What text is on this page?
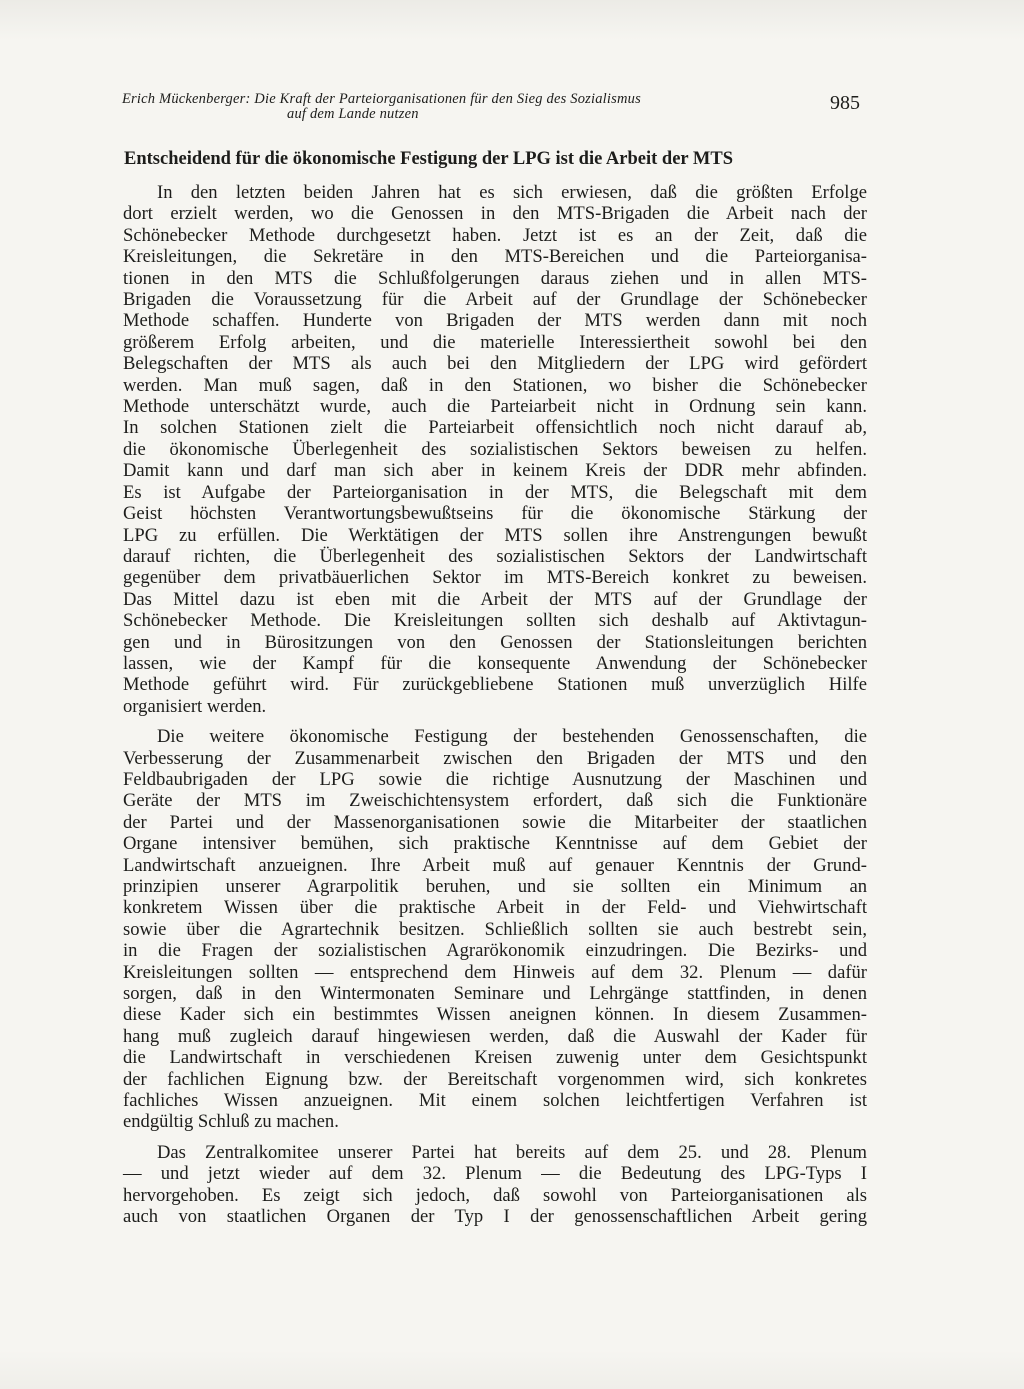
Erich Mückenberger: Die Kraft der Parteiorganisationen für den Sieg des Sozialismus
auf dem Lande nutzen	985
Entscheidend für die ökonomische Festigung der LPG ist die Arbeit der MTS

In den letzten beiden Jahren hat es sich erwiesen, daß die größten Erfolge
dort erzielt werden, wo die Genossen in den MTS-Brigaden die Arbeit nach der
Schönebecker Methode durchgesetzt haben. Jetzt ist es an der Zeit, daß die
Kreisleitungen, die Sekretäre in den MTS-Bereichen und die Parteiorganisa-
tionen in den MTS die Schlußfolgerungen daraus ziehen und in allen MTS-
Brigaden die Voraussetzung für die Arbeit auf der Grundlage der Schönebecker
Methode schaffen. Hunderte von Brigaden der MTS werden dann mit noch
größerem Erfolg arbeiten, und die materielle Interessiertheit sowohl bei den
Belegschaften der MTS als auch bei den Mitgliedern der LPG wird gefördert
werden. Man muß sagen, daß in den Stationen, wo bisher die Schönebecker
Methode unterschätzt wurde, auch die Parteiarbeit nicht in Ordnung sein kann.
In solchen Stationen zielt die Parteiarbeit offensichtlich noch nicht darauf ab,
die ökonomische Überlegenheit des sozialistischen Sektors beweisen zu helfen.
Damit kann und darf man sich aber in keinem Kreis der DDR mehr abfinden.
Es ist Aufgabe der Parteiorganisation in der MTS, die Belegschaft mit dem
Geist höchsten Verantwortungsbewußtseins für die ökonomische Stärkung der
LPG zu erfüllen. Die Werktätigen der MTS sollen ihre Anstrengungen bewußt
darauf richten, die Überlegenheit des sozialistischen Sektors der Landwirtschaft
gegenüber dem privatbäuerlichen Sektor im MTS-Bereich konkret zu beweisen.
Das Mittel dazu ist eben mit die Arbeit der MTS auf der Grundlage der
Schönebecker Methode. Die Kreisleitungen sollten sich deshalb auf Aktivtagun-
gen und in Bürositzungen von den Genossen der Stationsleitungen berichten
lassen, wie der Kampf für die konsequente Anwendung der Schönebecker
Methode geführt wird. Für zurückgebliebene Stationen muß unverzüglich Hilfe
organisiert werden.

Die weitere ökonomische Festigung der bestehenden Genossenschaften, die
Verbesserung der Zusammenarbeit zwischen den Brigaden der MTS und den
Feldbaubrigaden der LPG sowie die richtige Ausnutzung der Maschinen und
Geräte der MTS im Zweischichtensystem erfordert, daß sich die Funktionäre
der Partei und der Massenorganisationen sowie die Mitarbeiter der staatlichen
Organe intensiver bemühen, sich praktische Kenntnisse auf dem Gebiet der
Landwirtschaft anzueignen. Ihre Arbeit muß auf genauer Kenntnis der Grund-
prinzipien unserer Agrarpolitik beruhen, und sie sollten ein Minimum an
konkretem Wissen über die praktische Arbeit in der Feld- und Viehwirtschaft
sowie über die Agrartechnik besitzen. Schließlich sollten sie auch bestrebt sein,
in die Fragen der sozialistischen Agrarökonomik einzudringen. Die Bezirks- und
Kreisleitungen sollten — entsprechend dem Hinweis auf dem 32. Plenum — dafür
sorgen, daß in den Wintermonaten Seminare und Lehrgänge stattfinden, in denen
diese Kader sich ein bestimmtes Wissen aneignen können. In diesem Zusammen-
hang muß zugleich darauf hingewiesen werden, daß die Auswahl der Kader für
die Landwirtschaft in verschiedenen Kreisen zuwenig unter dem Gesichtspunkt
der fachlichen Eignung bzw. der Bereitschaft vorgenommen wird, sich konkretes
fachliches Wissen anzueignen. Mit einem solchen leichtfertigen Verfahren ist
endgültig Schluß zu machen.

Das Zentralkomitee unserer Partei hat bereits auf dem 25. und 28. Plenum
— und jetzt wieder auf dem 32. Plenum — die Bedeutung des LPG-Typs I
hervorgehoben. Es zeigt sich jedoch, daß sowohl von Parteiorganisationen als
auch von staatlichen Organen der Typ I der genossenschaftlichen Arbeit gering
